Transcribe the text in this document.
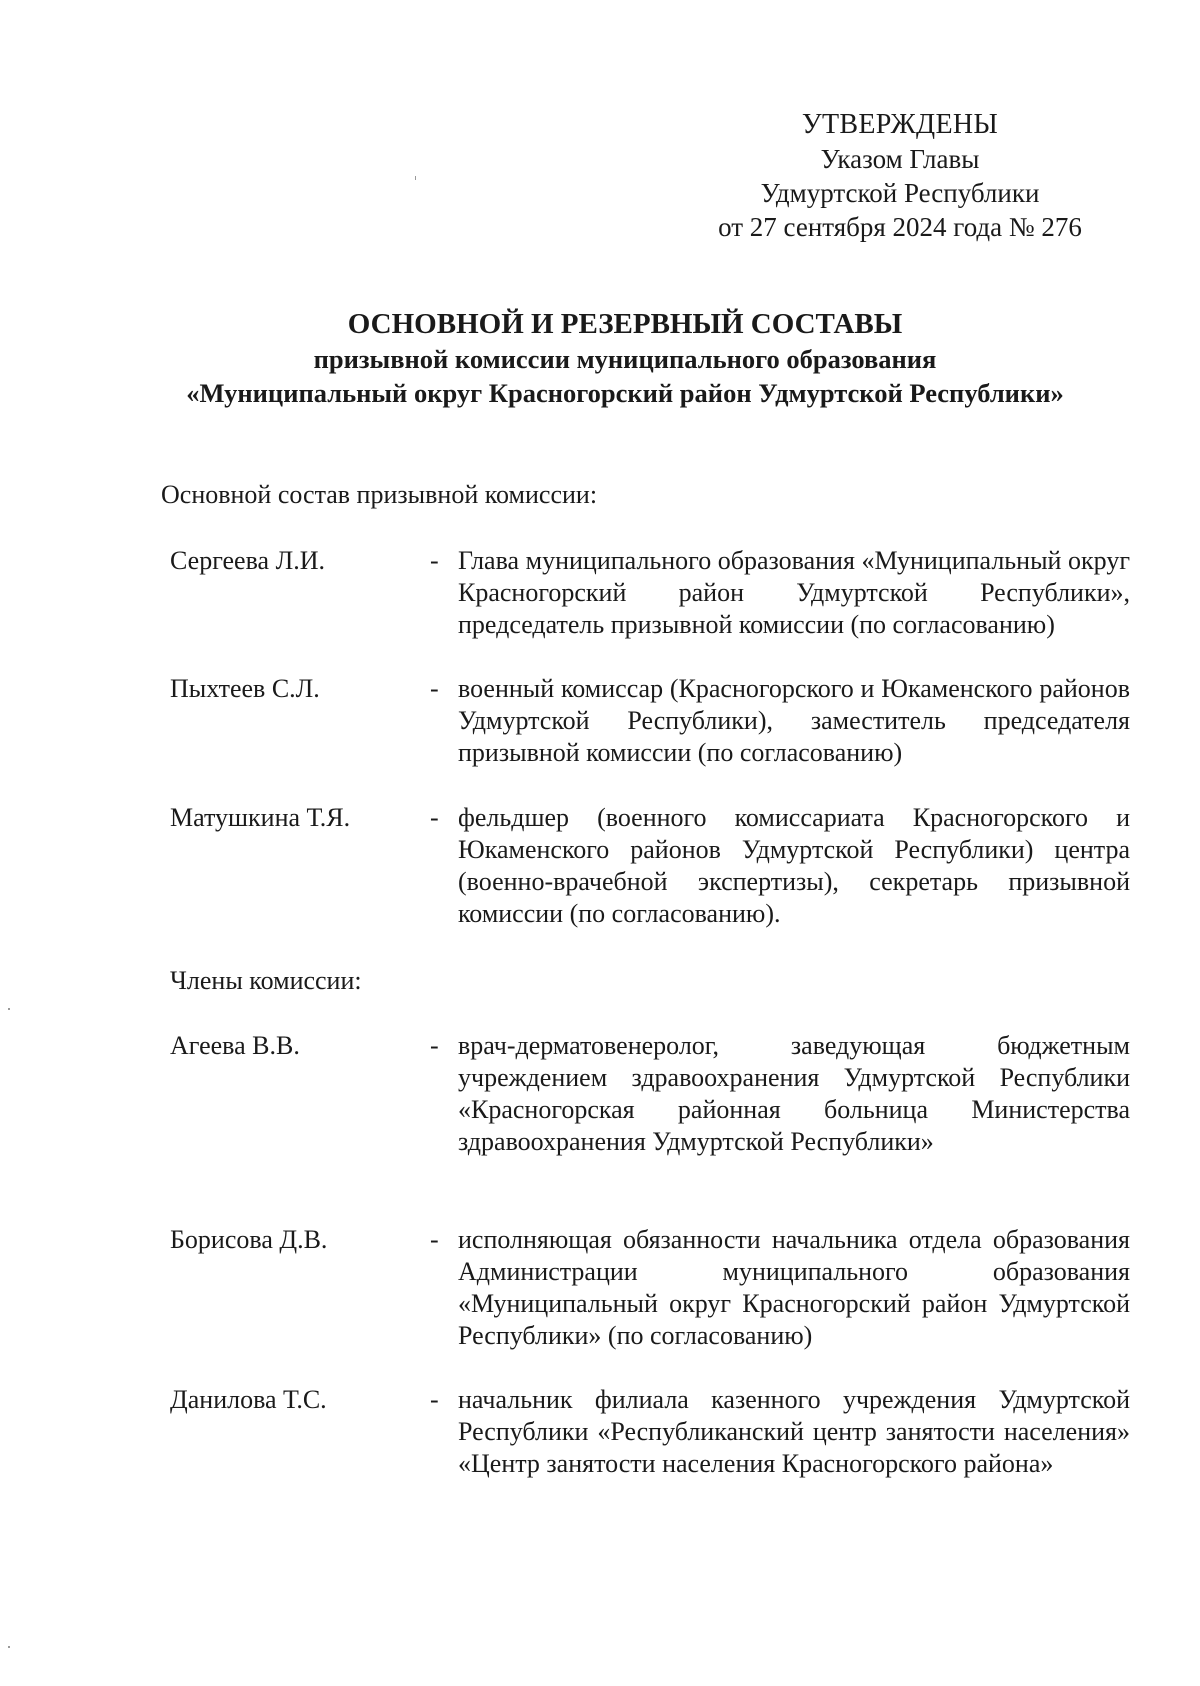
УТВЕРЖДЕНЫ
Указом Главы
Удмуртской Республики
от 27 сентября 2024 года № 276
ОСНОВНОЙ И РЕЗЕРВНЫЙ СОСТАВЫ
призывной комиссии муниципального образования
«Муниципальный округ Красногорский район Удмуртской Республики»
Основной состав призывной комиссии:
Сергеева Л.И.	- Глава муниципального образования «Муниципальный округ Красногорский район Удмуртской Республики», председатель призывной комиссии (по согласованию)
Пыхтеев С.Л.	- военный комиссар (Красногорского и Юкаменского районов Удмуртской Республики), заместитель председателя призывной комиссии (по согласованию)
Матушкина Т.Я.	- фельдшер (военного комиссариата Красногорского и Юкаменского районов Удмуртской Республики) центра (военно-врачебной экспертизы), секретарь призывной комиссии (по согласованию).
Члены комиссии:
Агеева В.В.	- врач-дерматовенеролог, заведующая бюджетным учреждением здравоохранения Удмуртской Республики «Красногорская районная больница Министерства здравоохранения Удмуртской Республики»
Борисова Д.В.	- исполняющая обязанности начальника отдела образования Администрации муниципального образования «Муниципальный округ Красногорский район Удмуртской Республики» (по согласованию)
Данилова Т.С.	- начальник филиала казенного учреждения Удмуртской Республики «Республиканский центр занятости населения» «Центр занятости населения Красногорского района»
